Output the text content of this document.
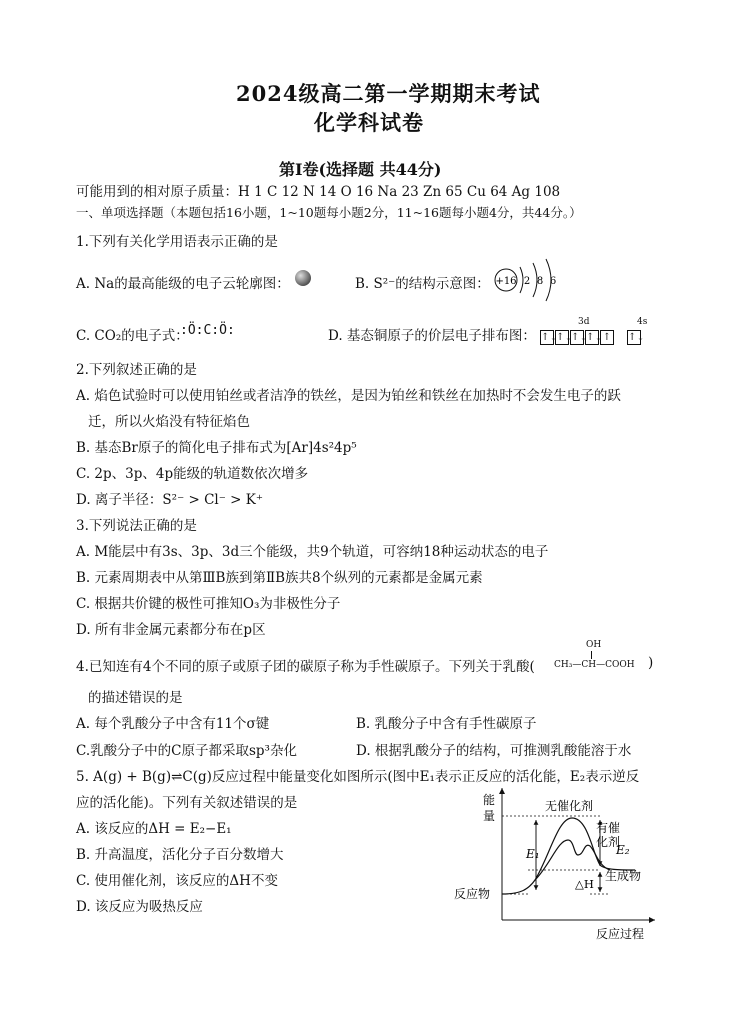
2024级高二第一学期期末考试
化学科试卷
第Ⅰ卷(选择题 共44分)
可能用到的相对原子质量：H 1 C 12 N 14 O 16 Na 23 Zn 65 Cu 64 Ag 108
一、单项选择题（本题包括16小题，1~10题每小题2分，11~16题每小题4分，共44分。）
1.下列有关化学用语表示正确的是
A. Na的最高能级的电子云轮廓图：	B. S²⁻的结构示意图： +16 2 8 6
C. CO₂的电子式：
:Ö:C:Ö:	D. 基态铜原子的价层电子排布图：
3d	4s
↑↓↑↓↑↓↑↓↑ ↑↓
2.下列叙述正确的是
A. 焰色试验时可以使用铂丝或者洁净的铁丝，是因为铂丝和铁丝在加热时不会发生电子的跃
迁，所以火焰没有特征焰色
B. 基态Br原子的简化电子排布式为[Ar]4s²4p⁵
C. 2p、3p、4p能级的轨道数依次增多
D. 离子半径：S²⁻ > Cl⁻ > K⁺
3.下列说法正确的是
A. M能层中有3s、3p、3d三个能级，共9个轨道，可容纳18种运动状态的电子
B. 元素周期表中从第ⅢB族到第ⅡB族共8个纵列的元素都是金属元素
C. 根据共价键的极性可推知O₃为非极性分子
D. 所有非金属元素都分布在p区
4.已知连有4个不同的原子或原子团的碳原子称为手性碳原子。下列关于乳酸(
OH
CH₃—CH—COOH )
的描述错误的是
A. 每个乳酸分子中含有11个σ键	B. 乳酸分子中含有手性碳原子
C.乳酸分子中的C原子都采取sp³杂化	D. 根据乳酸分子的结构，可推测乳酸能溶于水
5. A(g) + B(g)⇌C(g)反应过程中能量变化如图所示(图中E₁表示正反应的活化能，E₂表示逆反
应的活化能)。下列有关叙述错误的是
A. 该反应的ΔH = E₂−E₁
B. 升高温度，活化分子百分数增大
C. 使用催化剂，该反应的ΔH不变
D. 该反应为吸热反应
能
量
反应过程
E₁	E₂
△H
无催化剂
有催
化剂
反应物
生成物
